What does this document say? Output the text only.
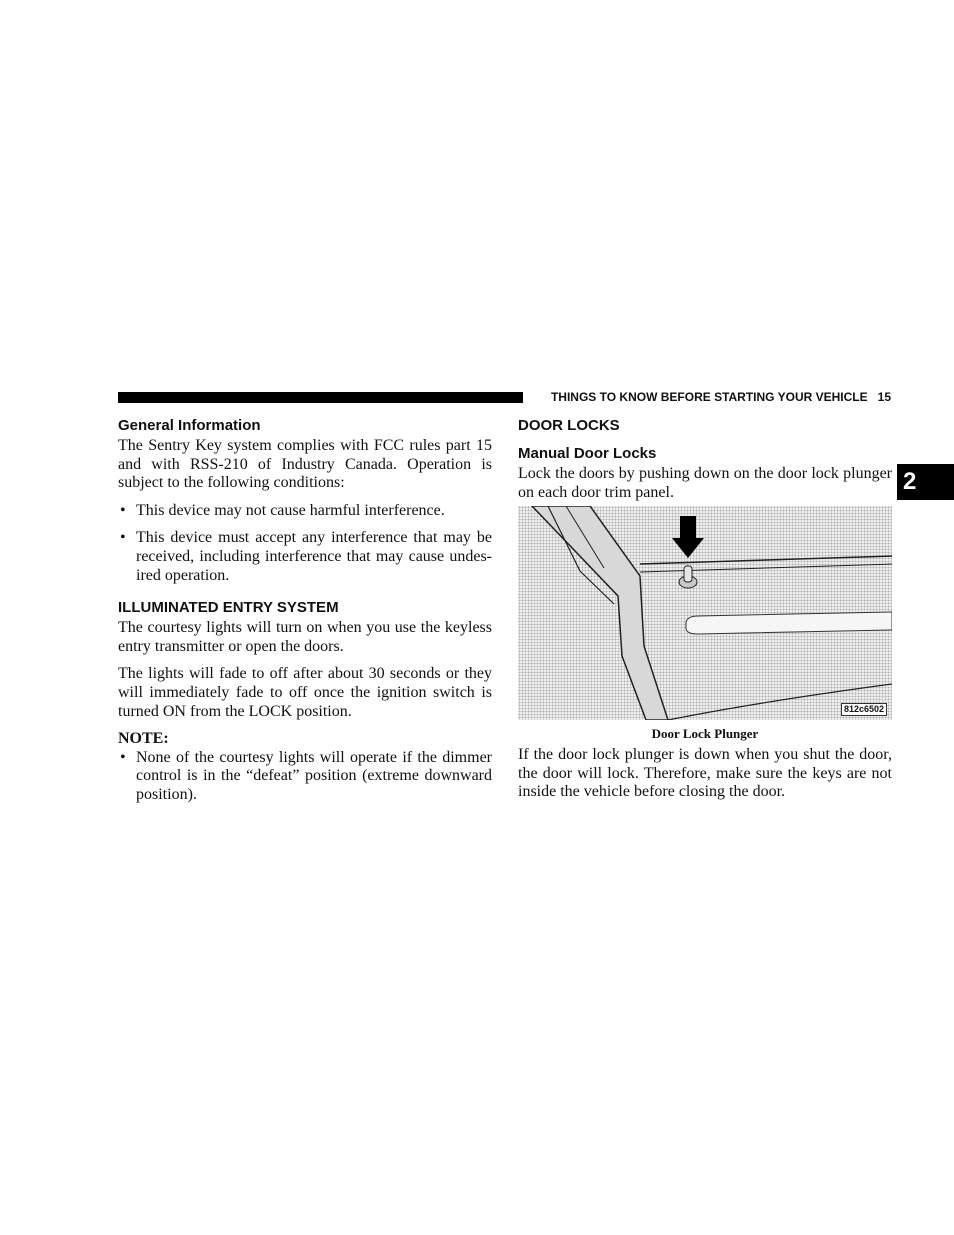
THINGS TO KNOW BEFORE STARTING YOUR VEHICLE 15
2
General Information

The Sentry Key system complies with FCC rules part 15 and with RSS-210 of Industry Canada. Operation is subject to the following conditions:

• This device may not cause harmful interference.
• This device must accept any interference that may be received, including interference that may cause undes-ired operation.
ILLUMINATED ENTRY SYSTEM

The courtesy lights will turn on when you use the keyless entry transmitter or open the doors.

The lights will fade to off after about 30 seconds or they will immediately fade to off once the ignition switch is turned ON from the LOCK position.

NOTE:

• None of the courtesy lights will operate if the dimmer control is in the “defeat” position (extreme downward position).
DOOR LOCKS
Manual Door Locks

Lock the doors by pushing down on the door lock plunger on each door trim panel.

812c6502

Door Lock Plunger

If the door lock plunger is down when you shut the door, the door will lock. Therefore, make sure the keys are not inside the vehicle before closing the door.
